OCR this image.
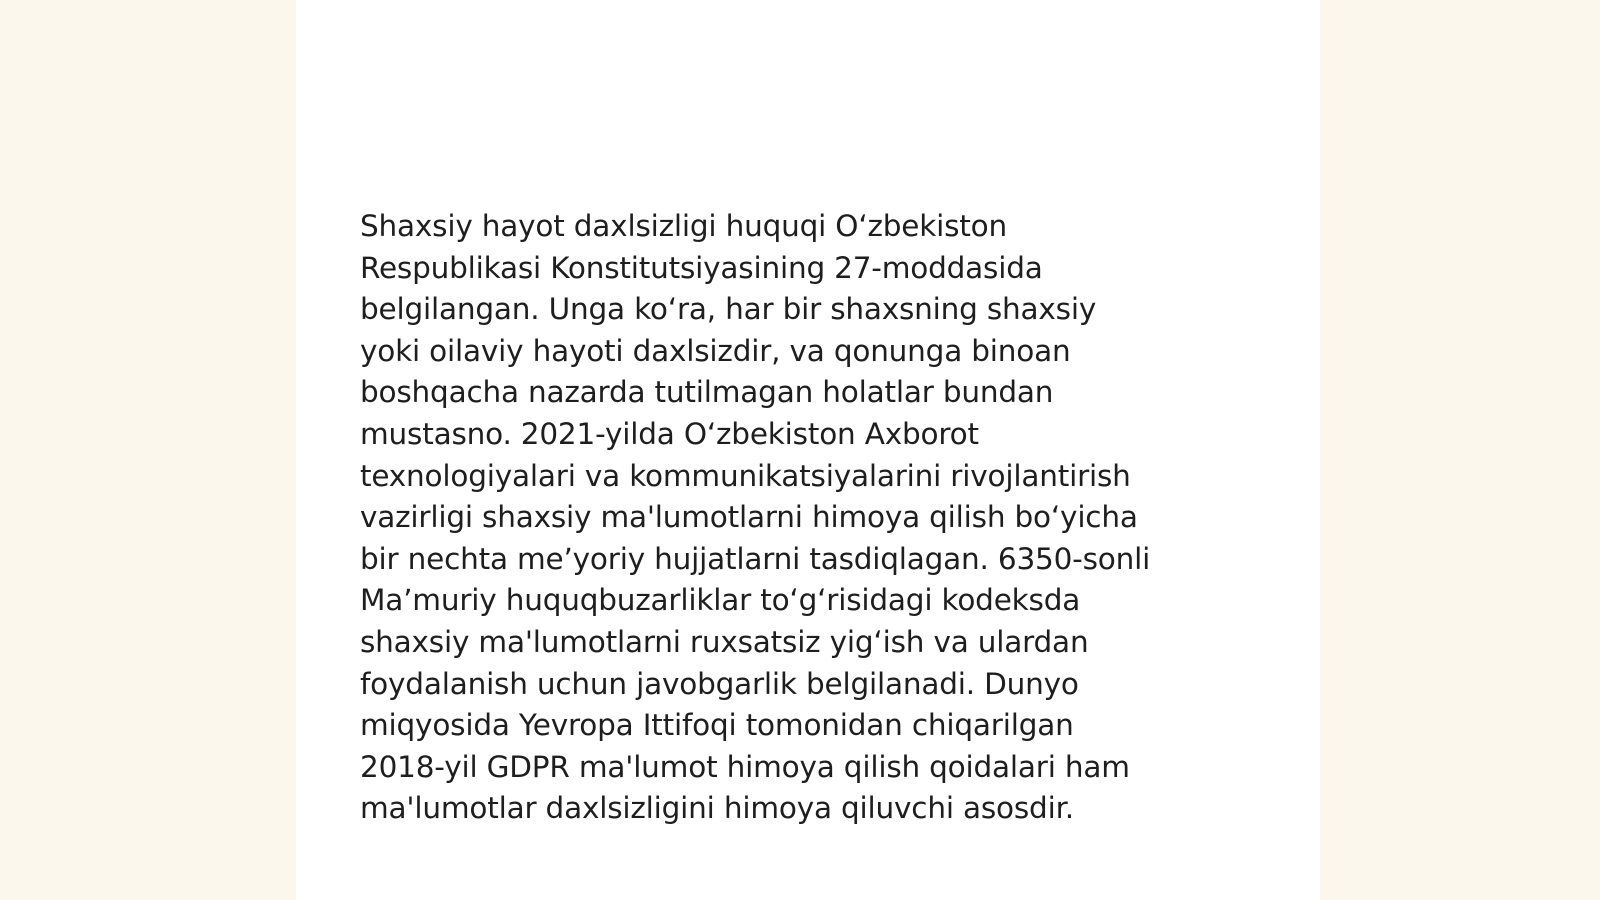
Shaxsiy hayot daxlsizligi huquqi O‘zbekiston
Respublikasi Konstitutsiyasining 27-moddasida
belgilangan. Unga ko‘ra, har bir shaxsning shaxsiy
yoki oilaviy hayoti daxlsizdir, va qonunga binoan
boshqacha nazarda tutilmagan holatlar bundan
mustasno. 2021-yilda O‘zbekiston Axborot
texnologiyalari va kommunikatsiyalarini rivojlantirish
vazirligi shaxsiy ma'lumotlarni himoya qilish bo‘yicha
bir nechta me’yoriy hujjatlarni tasdiqlagan. 6350-sonli
Ma’muriy huquqbuzarliklar to‘g‘risidagi kodeksda
shaxsiy ma'lumotlarni ruxsatsiz yig‘ish va ulardan
foydalanish uchun javobgarlik belgilanadi. Dunyo
miqyosida Yevropa Ittifoqi tomonidan chiqarilgan
2018-yil GDPR ma'lumot himoya qilish qoidalari ham
ma'lumotlar daxlsizligini himoya qiluvchi asosdir.
